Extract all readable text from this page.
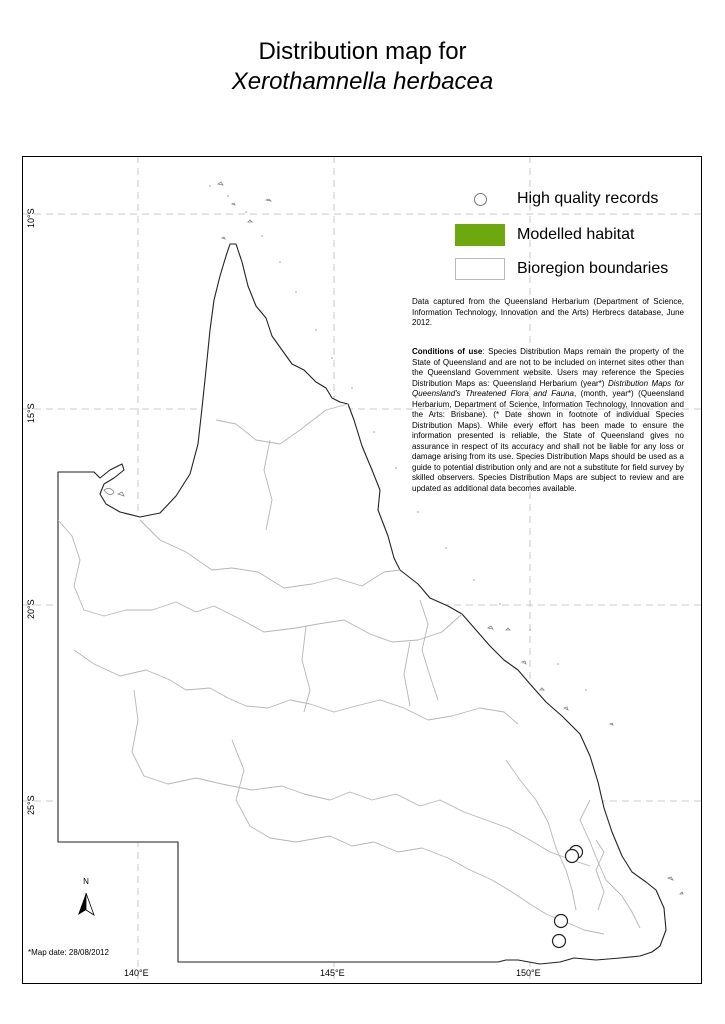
Distribution map for
Xerothamnella herbacea
10°S
15°S
20°S
25°S
140°E	145°E	150°E
High quality records
Modelled habitat
Bioregion boundaries
Data captured from the Queensland Herbarium (Department of Science, Information Technology, Innovation and the Arts) Herbrecs database, June 2012.
Conditions of use: Species Distribution Maps remain the property of the State of Queensland and are not to be included on internet sites other than the Queensland Government website. Users may reference the Species Distribution Maps as: Queensland Herbarium (year*) Distribution Maps for Queensland's Threatened Flora and Fauna, (month, year*) (Queensland Herbarium, Department of Science, Information Technology, Innovation and the Arts: Brisbane). (* Date shown in footnote of individual Species Distribution Maps). While every effort has been made to ensure the information presented is reliable, the State of Queensland gives no assurance in respect of its accuracy and shall not be liable for any loss or damage arising from its use. Species Distribution Maps should be used as a guide to potential distribution only and are not a substitute for field survey by skilled observers. Species Distribution Maps are subject to review and are updated as additional data becomes available.
N
*Map date: 28/08/2012
